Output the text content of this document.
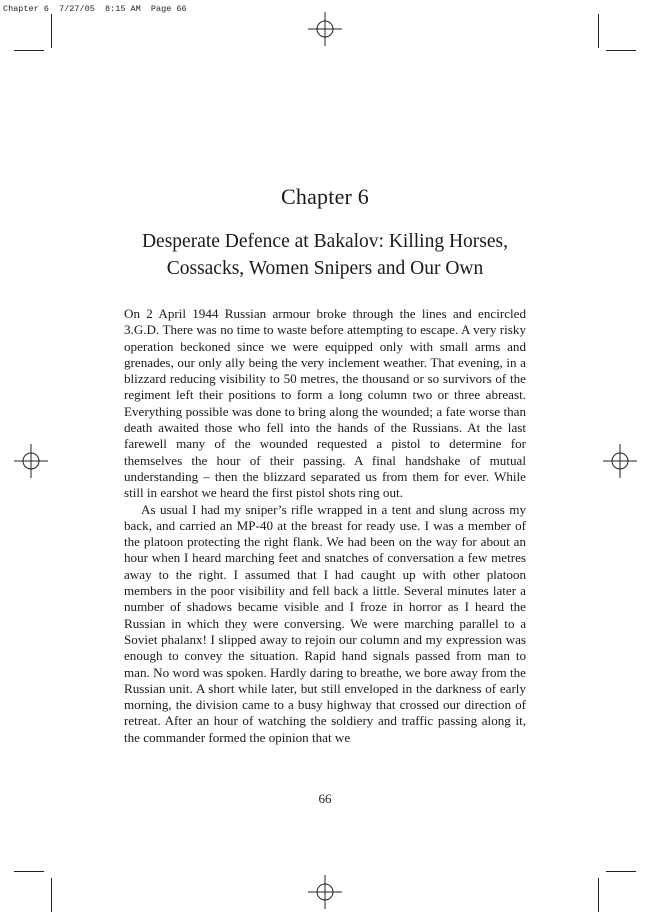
Chapter 6  7/27/05  8:15 AM  Page 66
Chapter 6
Desperate Defence at Bakalov: Killing Horses,
Cossacks, Women Snipers and Our Own

On 2 April 1944 Russian armour broke through the lines and encircled 3.G.D. There was no time to waste before attempting to escape. A very risky operation beckoned since we were equipped only with small arms and grenades, our only ally being the very inclement weather. That evening, in a blizzard reducing visibility to 50 metres, the thousand or so survivors of the regiment left their positions to form a long column two or three abreast. Everything possible was done to bring along the wounded; a fate worse than death awaited those who fell into the hands of the Russians. At the last farewell many of the wounded requested a pistol to determine for themselves the hour of their passing. A final handshake of mutual understanding – then the blizzard separated us from them for ever. While still in earshot we heard the first pistol shots ring out.

As usual I had my sniper’s rifle wrapped in a tent and slung across my back, and carried an MP-40 at the breast for ready use. I was a member of the platoon protecting the right flank. We had been on the way for about an hour when I heard marching feet and snatches of conversation a few metres away to the right. I assumed that I had caught up with other platoon members in the poor visibility and fell back a little. Several minutes later a number of shadows became visible and I froze in horror as I heard the Russian in which they were conversing. We were marching parallel to a Soviet phalanx! I slipped away to rejoin our column and my expression was enough to convey the situation. Rapid hand signals passed from man to man. No word was spoken. Hardly daring to breathe, we bore away from the Russian unit. A short while later, but still enveloped in the darkness of early morning, the division came to a busy highway that crossed our direction of retreat. After an hour of watching the soldiery and traffic passing along it, the commander formed the opinion that we

66
